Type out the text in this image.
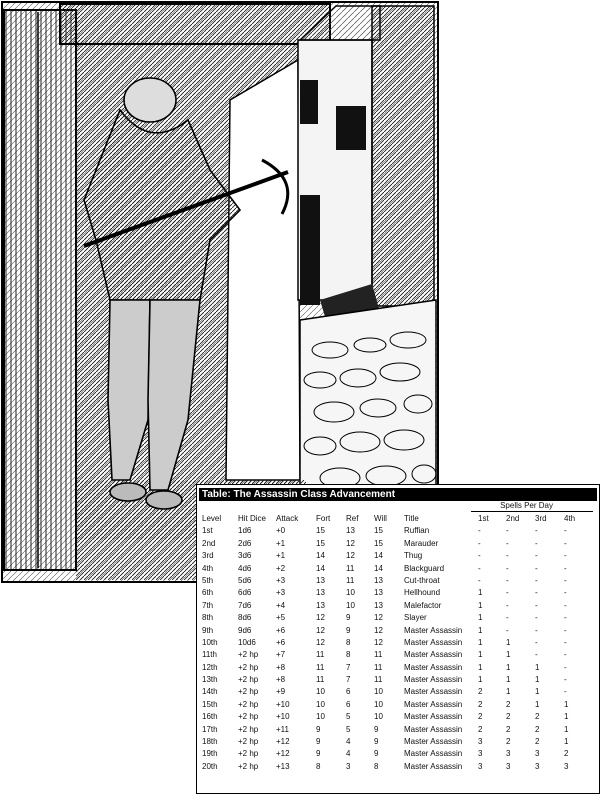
.
Table: The Assassin Class Advancement
Spells Per Day
Level	Hit Dice	Attack	Fort	Ref	Will	Title	1st	2nd	3rd	4th
1st	1d6	+0	15	13	15	Ruffian	-	-	-	-
2nd	2d6	+1	15	12	15	Marauder	-	-	-	-
3rd	3d6	+1	14	12	14	Thug	-	-	-	-
4th	4d6	+2	14	11	14	Blackguard	-	-	-	-
5th	5d6	+3	13	11	13	Cut-throat	-	-	-	-
6th	6d6	+3	13	10	13	Hellhound	1	-	-	-
7th	7d6	+4	13	10	13	Malefactor	1	-	-	-
8th	8d6	+5	12	9	12	Slayer	1	-	-	-
9th	9d6	+6	12	9	12	Master Assassin	1	-	-	-
10th	10d6	+6	12	8	12	Master Assassin	1	1	-	-
11th	+2 hp	+7	11	8	11	Master Assassin	1	1	-	-
12th	+2 hp	+8	11	7	11	Master Assassin	1	1	1	-
13th	+2 hp	+8	11	7	11	Master Assassin	1	1	1	-
14th	+2 hp	+9	10	6	10	Master Assassin	2	1	1	-
15th	+2 hp	+10	10	6	10	Master Assassin	2	2	1	1
16th	+2 hp	+10	10	5	10	Master Assassin	2	2	2	1
17th	+2 hp	+11	9	5	9	Master Assassin	2	2	2	1
18th	+2 hp	+12	9	4	9	Master Assassin	3	2	2	1
19th	+2 hp	+12	9	4	9	Master Assassin	3	3	3	2
20th	+2 hp	+13	8	3	8	Master Assassin	3	3	3	3
